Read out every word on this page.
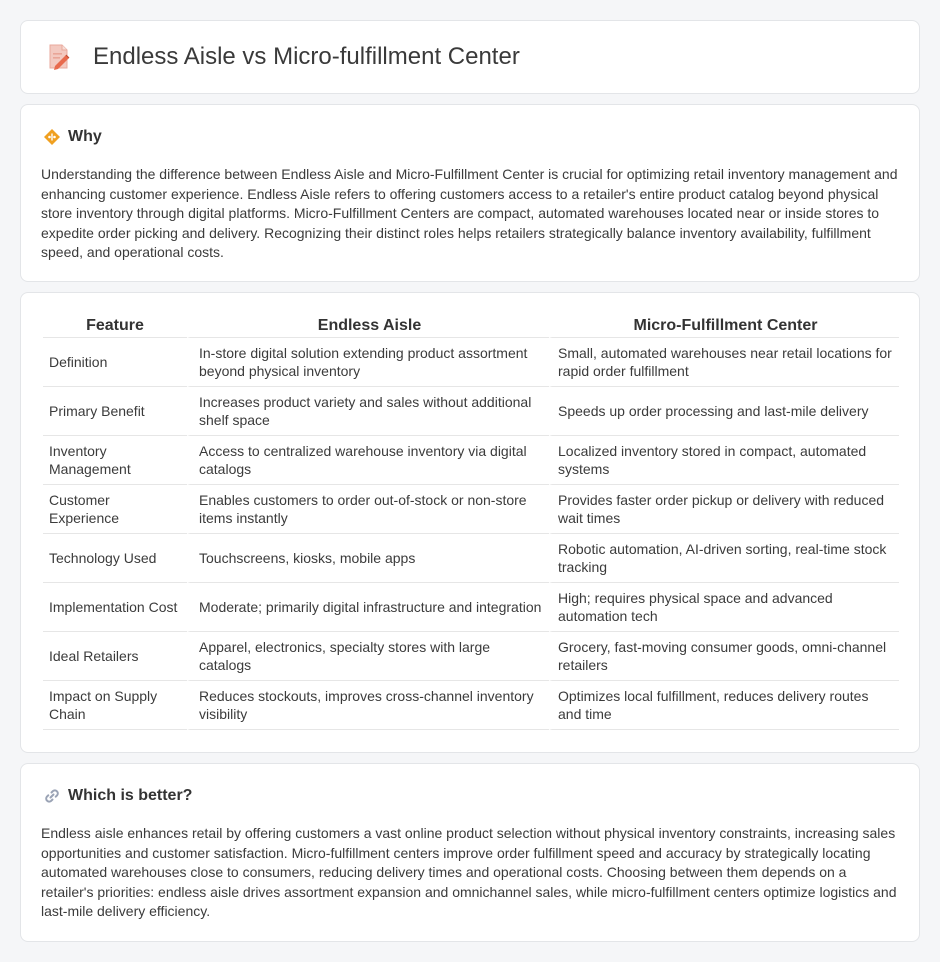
Endless Aisle vs Micro-fulfillment Center
Why

Understanding the difference between Endless Aisle and Micro-Fulfillment Center is crucial for optimizing retail inventory management and enhancing customer experience. Endless Aisle refers to offering customers access to a retailer's entire product catalog beyond physical store inventory through digital platforms. Micro-Fulfillment Centers are compact, automated warehouses located near or inside stores to expedite order picking and delivery. Recognizing their distinct roles helps retailers strategically balance inventory availability, fulfillment speed, and operational costs.

Feature	Endless Aisle	Micro-Fulfillment Center
Definition	In-store digital solution extending product assortment beyond physical inventory	Small, automated warehouses near retail locations for rapid order fulfillment
Primary Benefit	Increases product variety and sales without additional shelf space	Speeds up order processing and last-mile delivery
Inventory Management	Access to centralized warehouse inventory via digital catalogs	Localized inventory stored in compact, automated systems
Customer Experience	Enables customers to order out-of-stock or non-store items instantly	Provides faster order pickup or delivery with reduced wait times
Technology Used	Touchscreens, kiosks, mobile apps	Robotic automation, AI-driven sorting, real-time stock tracking
Implementation Cost	Moderate; primarily digital infrastructure and integration	High; requires physical space and advanced automation tech
Ideal Retailers	Apparel, electronics, specialty stores with large catalogs	Grocery, fast-moving consumer goods, omni-channel retailers
Impact on Supply Chain	Reduces stockouts, improves cross-channel inventory visibility	Optimizes local fulfillment, reduces delivery routes and time
Which is better?

Endless aisle enhances retail by offering customers a vast online product selection without physical inventory constraints, increasing sales opportunities and customer satisfaction. Micro-fulfillment centers improve order fulfillment speed and accuracy by strategically locating automated warehouses close to consumers, reducing delivery times and operational costs. Choosing between them depends on a retailer's priorities: endless aisle drives assortment expansion and omnichannel sales, while micro-fulfillment centers optimize logistics and last-mile delivery efficiency.
